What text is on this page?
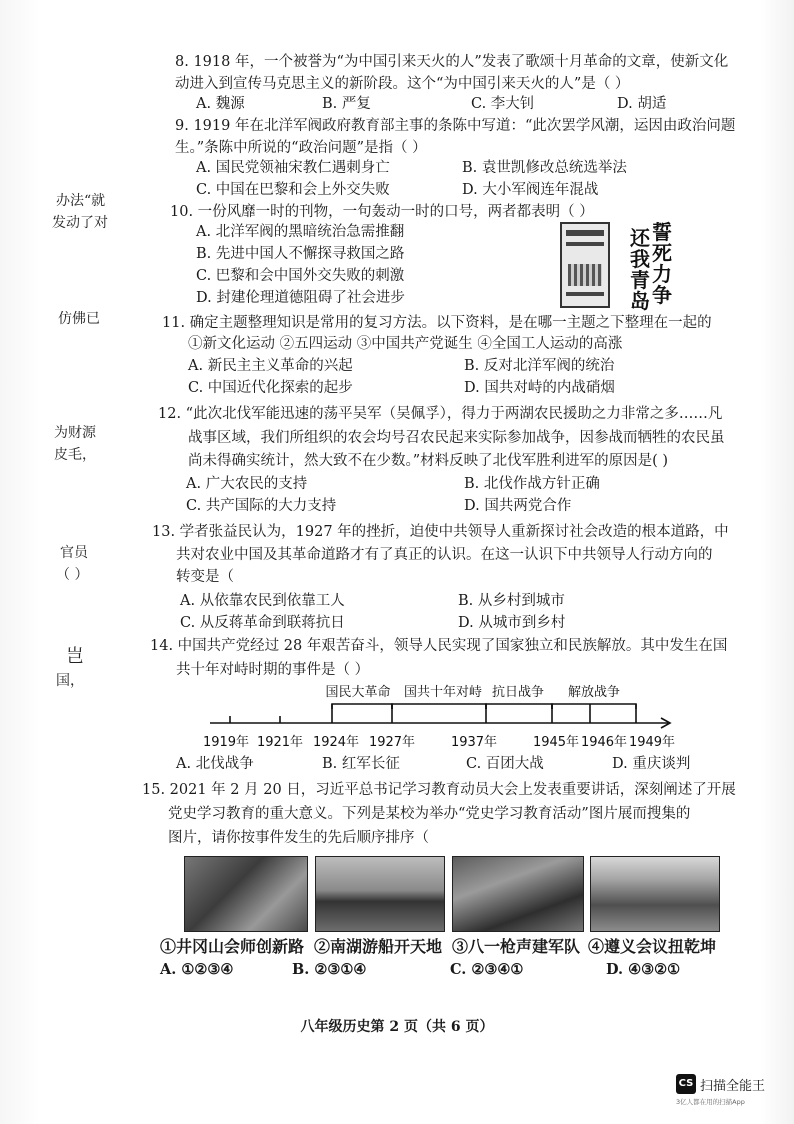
办法“就
发动了对
仿佛已
为财源
皮毛，
官员
（ ）
岂
国，
8. 1918 年，一个被誉为“为中国引来天火的人”发表了歌颂十月革命的文章，使新文化
动进入到宣传马克思主义的新阶段。这个“为中国引来天火的人”是（ ）
A. 魏源	B. 严复	C. 李大钊	D. 胡适
9. 1919 年在北洋军阀政府教育部主事的条陈中写道：“此次罢学风潮，运因由政治问题
生。”条陈中所说的“政治问题”是指（ ）
A. 国民党领袖宋教仁遇刺身亡	B. 袁世凯修改总统选举法
C. 中国在巴黎和会上外交失败	D. 大小军阀连年混战
10. 一份风靡一时的刊物，一句轰动一时的口号，两者都表明（ ）
A. 北洋军阀的黑暗统治急需推翻
B. 先进中国人不懈探寻救国之路
C. 巴黎和会中国外交失败的刺激
D. 封建伦理道德阻碍了社会进步
誓
死
力
争
还
我
青
岛
11. 确定主题整理知识是常用的复习方法。以下资料，是在哪一主题之下整理在一起的
①新文化运动 ②五四运动 ③中国共产党诞生 ④全国工人运动的高涨
A. 新民主主义革命的兴起	B. 反对北洋军阀的统治
C. 中国近代化探索的起步	D. 国共对峙的内战硝烟
12. “此次北伐军能迅速的荡平吴军（吴佩孚），得力于两湖农民援助之力非常之多……凡
战事区域，我们所组织的农会均号召农民起来实际参加战争，因参战而牺牲的农民虽
尚未得确实统计，然大致不在少数。”材料反映了北伐军胜利进军的原因是( )
A. 广大农民的支持	B. 北伐作战方针正确
C. 共产国际的大力支持	D. 国共两党合作
13. 学者张益民认为，1927 年的挫折，迫使中共领导人重新探讨社会改造的根本道路，中
共对农业中国及其革命道路才有了真正的认识。在这一认识下中共领导人行动方向的
转变是（
A. 从依靠农民到依靠工人	B. 从乡村到城市
C. 从反蒋革命到联蒋抗日	D. 从城市到乡村
14. 中国共产党经过 28 年艰苦奋斗，领导人民实现了国家独立和民族解放。其中发生在国
共十年对峙时期的事件是（ ）
国民大革命 国共十年对峙 抗日战争 解放战争
1919年 1921年 1924年 1927年	1937年	1945年 1946年 1949年
A. 北伐战争	B. 红军长征	C. 百团大战	D. 重庆谈判
15. 2021 年 2 月 20 日，习近平总书记学习教育动员大会上发表重要讲话，深刻阐述了开展
党史学习教育的重大意义。下列是某校为举办“党史学习教育活动”图片展而搜集的
图片，请你按事件发生的先后顺序排序（
①井冈山会师创新路 ②南湖游船开天地 ③八一枪声建军队 ④遵义会议扭乾坤
A. ①②③④	B. ②③①④	C. ②③④①	D. ④③②①
八年级历史第 2 页（共 6 页）
CS 扫描全能王
3亿人都在用的扫描App
